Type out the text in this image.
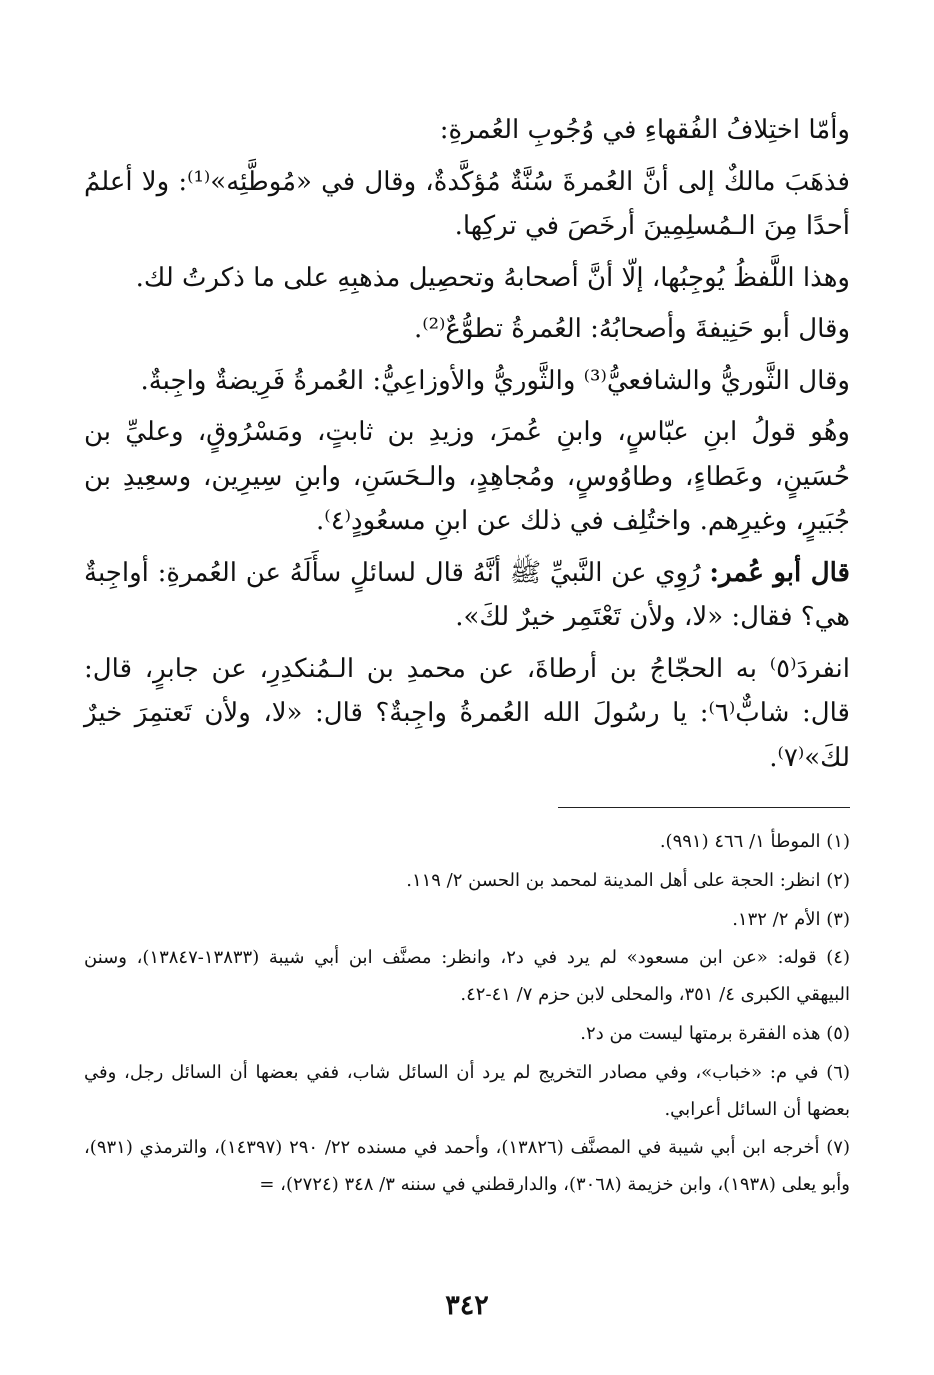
وأمّا اختِلافُ الفُقهاءِ في وُجُوبِ العُمرةِ:

فذهَبَ مالكٌ إلى أنَّ العُمرةَ سُنَّةٌ مُؤكَّدةٌ، وقال في «مُوطَّئِه»⁽¹⁾: ولا أعلمُ أحدًا مِنَ الـمُسلِمِينَ أرخَصَ في تركِها.

وهذا اللَّفظُ يُوجِبُها، إلّا أنَّ أصحابهُ وتحصِيل مذهبِهِ على ما ذكرتُ لك.

وقال أبو حَنِيفةَ وأصحابُهُ: العُمرةُ تطوُّعٌ⁽²⁾.

وقال الثَّوريُّ والشافعيُّ⁽³⁾ والثَّوريُّ والأوزاعِيُّ: العُمرةُ فَرِيضةٌ واجِبةٌ.

وهُو قولُ ابنِ عبّاسٍ، وابنِ عُمرَ، وزيدِ بن ثابتٍ، ومَسْرُوقٍ، وعليِّ بن حُسَينٍ، وعَطاءٍ، وطاوُوسٍ، ومُجاهِدٍ، والـحَسَنِ، وابنِ سِيرِين، وسعِيدِ بن جُبَيرٍ، وغيرِهم. واختُلِف في ذلك عن ابنِ مسعُودٍ⁽٤⁾.

قال أبو عُمر: رُوِي عن النَّبيِّ ﷺ أنَّهُ قال لسائلٍ سأَلَهُ عن العُمرةِ: أواجِبةٌ هي؟ فقال: «لا، ولأن تَعْتَمِر خيرٌ لكَ».

انفردَ⁽٥⁾ به الحجّاجُ بن أرطاةَ، عن محمدِ بن الـمُنكدِرِ، عن جابرٍ، قال: قال: شابٌّ⁽٦⁾: يا رسُولَ الله العُمرةُ واجِبةٌ؟ قال: «لا، ولأن تَعتمِرَ خيرٌ لكَ»⁽٧⁾.

(١) الموطأ ١/ ٤٦٦ (٩٩١).

(٢) انظر: الحجة على أهل المدينة لمحمد بن الحسن ٢/ ١١٩.

(٣) الأم ٢/ ١٣٢.

(٤) قوله: «عن ابن مسعود» لم يرد في د٢، وانظر: مصنَّف ابن أبي شيبة (١٣٨٣٣-١٣٨٤٧)، وسنن البيهقي الكبرى ٤/ ٣٥١، والمحلى لابن حزم ٧/ ٤١-٤٢.

(٥) هذه الفقرة برمتها ليست من د٢.

(٦) في م: «خباب»، وفي مصادر التخريج لم يرد أن السائل شاب، ففي بعضها أن السائل رجل، وفي بعضها أن السائل أعرابي.

(٧) أخرجه ابن أبي شيبة في المصنَّف (١٣٨٢٦)، وأحمد في مسنده ٢٢/ ٢٩٠ (١٤٣٩٧)، والترمذي (٩٣١)، وأبو يعلى (١٩٣٨)، وابن خزيمة (٣٠٦٨)، والدارقطني في سننه ٣/ ٣٤٨ (٢٧٢٤)، =

٣٤٢
